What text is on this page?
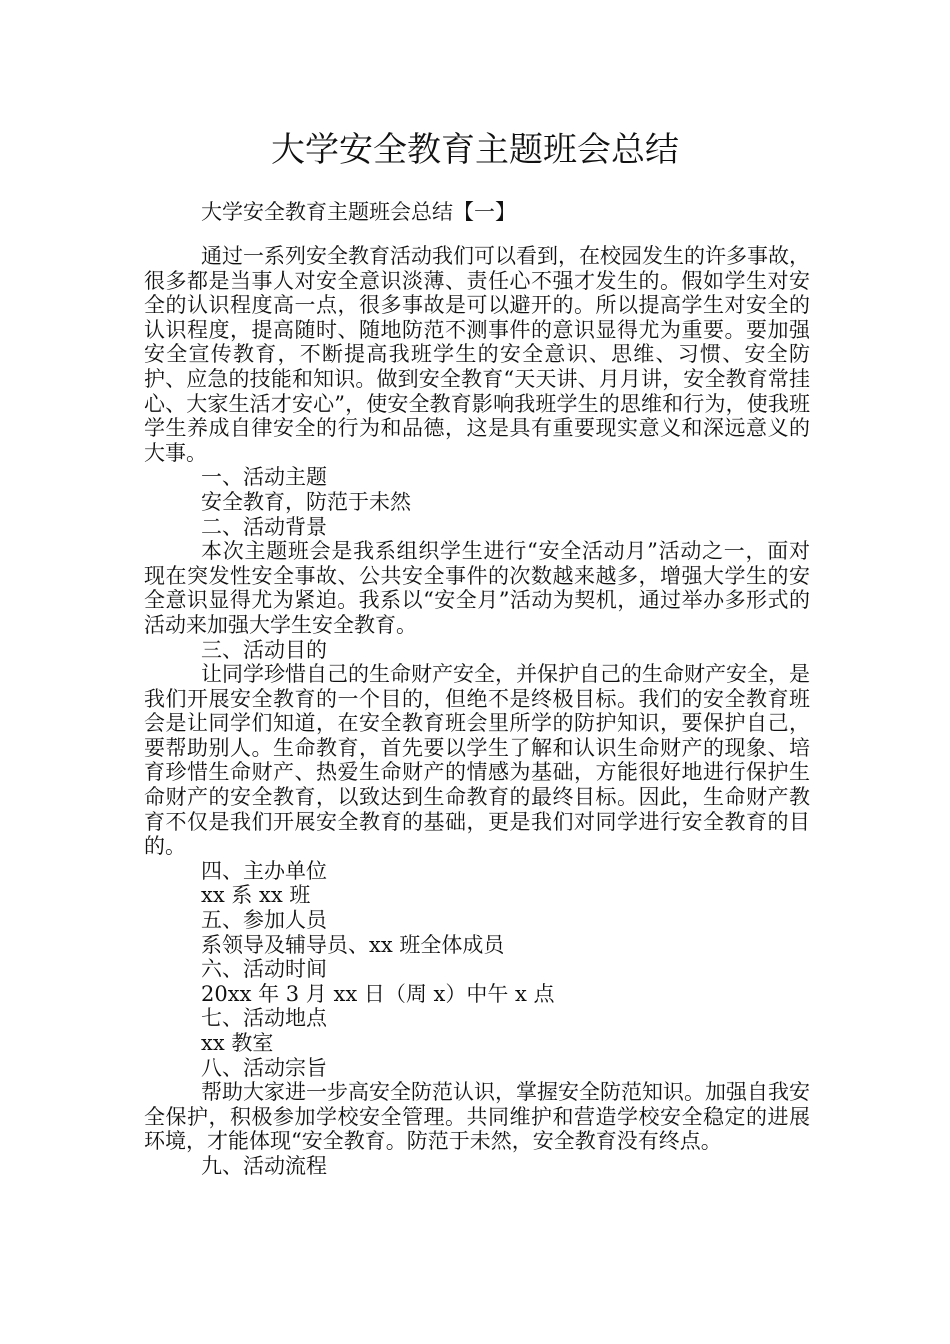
大学安全教育主题班会总结

大学安全教育主题班会总结【一】

通过一系列安全教育活动我们可以看到，在校园发生的许多事故，很多都是当事人对安全意识淡薄、责任心不强才发生的。假如学生对安全的认识程度高一点，很多事故是可以避开的。所以提高学生对安全的认识程度，提高随时、随地防范不测事件的意识显得尤为重要。要加强安全宣传教育，不断提高我班学生的安全意识、思维、习惯、安全防护、应急的技能和知识。做到安全教育“天天讲、月月讲，安全教育常挂心、大家生活才安心”，使安全教育影响我班学生的思维和行为，使我班学生养成自律安全的行为和品德，这是具有重要现实意义和深远意义的大事。

一、活动主题

安全教育，防范于未然

二、活动背景

本次主题班会是我系组织学生进行“安全活动月”活动之一，面对现在突发性安全事故、公共安全事件的次数越来越多，增强大学生的安全意识显得尤为紧迫。我系以“安全月”活动为契机，通过举办多形式的活动来加强大学生安全教育。

三、活动目的

让同学珍惜自己的生命财产安全，并保护自己的生命财产安全，是我们开展安全教育的一个目的，但绝不是终极目标。我们的安全教育班会是让同学们知道，在安全教育班会里所学的防护知识，要保护自己，要帮助别人。生命教育，首先要以学生了解和认识生命财产的现象、培育珍惜生命财产、热爱生命财产的情感为基础，方能很好地进行保护生命财产的安全教育，以致达到生命教育的最终目标。因此，生命财产教育不仅是我们开展安全教育的基础，更是我们对同学进行安全教育的目的。

四、主办单位

xx 系 xx 班

五、参加人员

系领导及辅导员、xx 班全体成员

六、活动时间

20xx 年 3 月 xx 日（周 x）中午 x 点

七、活动地点

xx 教室

八、活动宗旨

帮助大家进一步高安全防范认识，掌握安全防范知识。加强自我安全保护，积极参加学校安全管理。共同维护和营造学校安全稳定的进展环境，才能体现“安全教育。防范于未然，安全教育没有终点。

九、活动流程
